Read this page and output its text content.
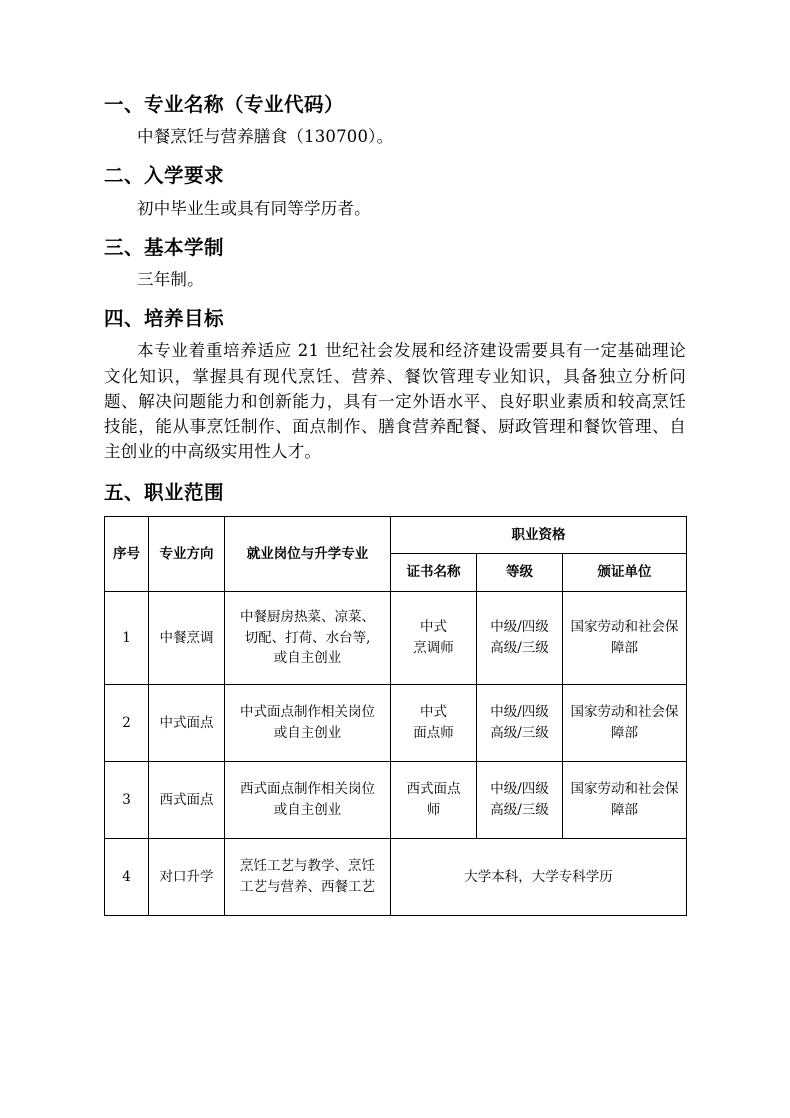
一、专业名称（专业代码）

中餐烹饪与营养膳食（130700）。

二、入学要求

初中毕业生或具有同等学历者。

三、基本学制

三年制。

四、培养目标

本专业着重培养适应 21 世纪社会发展和经济建设需要具有一定基础理论文化知识，掌握具有现代烹饪、营养、餐饮管理专业知识，具备独立分析问题、解决问题能力和创新能力，具有一定外语水平、良好职业素质和较高烹饪技能，能从事烹饪制作、面点制作、膳食营养配餐、厨政管理和餐饮管理、自主创业的中高级实用性人才。

五、职业范围
序号	专业方向	就业岗位与升学专业	职业资格		
			证书名称	等级	颁证单位
1	中餐烹调	中餐厨房热菜、凉菜、
切配、打荷、水台等,
或自主创业	中式
烹调师	中级/四级
高级/三级	国家劳动和社会保
障部

2	中式面点	中式面点制作相关岗位
或自主创业	中式
面点师	中级/四级
高级/三级	国家劳动和社会保
障部

3	西式面点	西式面点制作相关岗位
或自主创业	西式面点
师	中级/四级
高级/三级	国家劳动和社会保
障部

4	对口升学	烹饪工艺与教学、烹饪
工艺与营养、西餐工艺	大学本科，大学专科学历		
